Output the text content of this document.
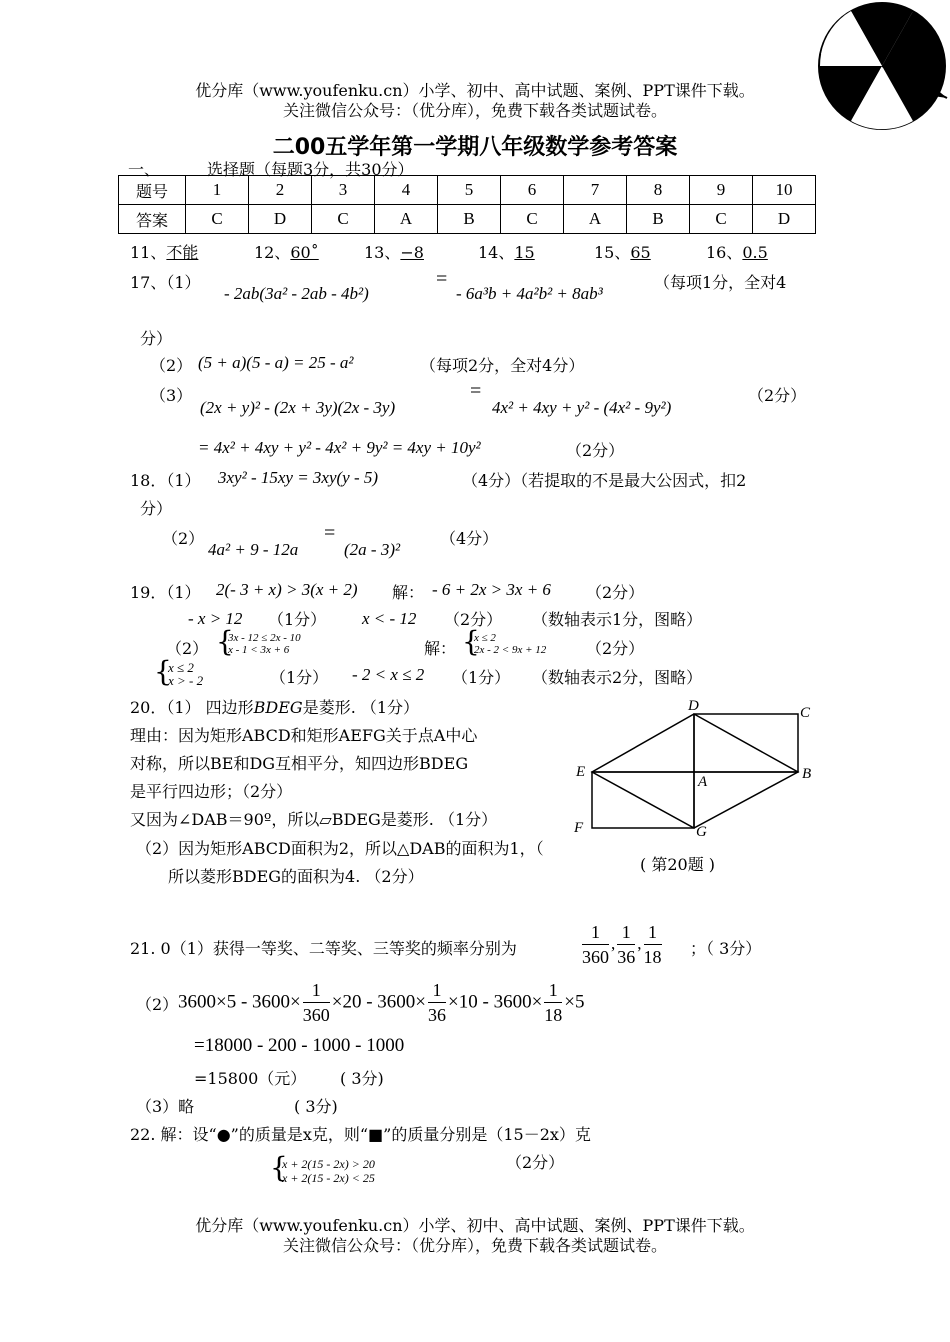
优分库（www.youfenku.cn）小学、初中、高中试题、案例、PPT课件下载。
关注微信公众号：（优分库），免费下载各类试题试卷。
二00五学年第一学期八年级数学参考答案
一、	选择题（每题3分，共30分）
题号	1	2	3	4	5	6	7	8	9	10
答案	C	D	C	A	B	C	A	B	C	D
11、不能	12、60˚	13、−8	14、15	15、65	16、0.5
17、（1）
- 2ab(3a² - 2ab - 4b²)
=
- 6a³b + 4a²b² + 8ab³
（每项1分，全对4
分）
（2） (5 + a)(5 - a) = 25 - a²	（每项2分，全对4分）
（3）
(2x + y)² - (2x + 3y)(2x - 3y)
=
4x² + 4xy + y² - (4x² - 9y²)
（2分）
= 4x² + 4xy + y² - 4x² + 9y² = 4xy + 10y²	（2分）
18．（1） 3xy² - 15xy = 3xy(y - 5)	（4分）（若提取的不是最大公因式，扣2
分）
（2）
4a² + 9 - 12a
=
(2a - 3)²
（4分）
19．（1） 2(- 3 + x) > 3(x + 2) 解： - 6 + 2x > 3x + 6 （2分）
- x > 12 （1分） x < - 12 （2分） （数轴表示1分，图略）
（2） {
3x - 12 ≤ 2x - 10
x - 1 < 3x + 6	解： {
x ≤ 2
2x - 2 < 9x + 12 （2分）
{
x ≤ 2
x > - 2	（1分） - 2 < x ≤ 2 （1分） （数轴表示2分，图略）
20．（1） 四边形BDEG是菱形. （1分）
理由：因为矩形ABCD和矩形AEFG关于点A中心
对称，所以BE和DG互相平分，知四边形BDEG
是平行四边形；（2分）
又因为∠DAB＝90º，所以▱BDEG是菱形. （1分）
（2）因为矩形ABCD面积为2，所以△DAB的面积为1，（
所以菱形BDEG的面积为4. （2分）
D	C
E
A	B
F	G
( 第20题 )
21. 0（1）获得一等奖、二等奖、三等奖的频率分别为	$\frac{1}{360}$ , $\frac{1}{36}$ , $\frac{1}{18}$ ；（ 3分）
（2） $3600\times 5 - 3600\times \frac{1}{360} \times 20 - 3600\times \frac{1}{36} \times 10 - 3600\times \frac{1}{18} \times 5$
=18000 - 200 - 1000 - 1000
=15800（元） ( 3分)
（3）略	( 3分)
22. 解：设“●”的质量是x克，则“■”的质量分别是（15－2x）克
{
x + 2(15 - 2x) > 20
x + 2(15 - 2x) < 25
（2分）
优分库（www.youfenku.cn）小学、初中、高中试题、案例、PPT课件下载。
关注微信公众号：（优分库），免费下载各类试题试卷。
